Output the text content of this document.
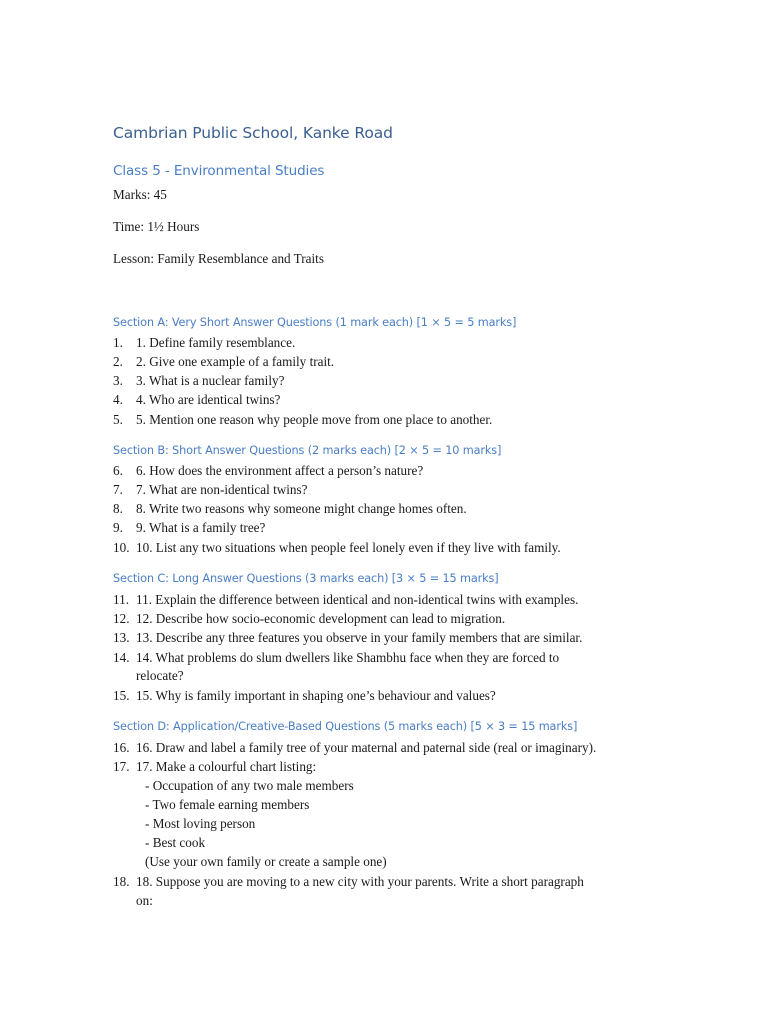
Cambrian Public School, Kanke Road
Class 5 - Environmental Studies

Marks: 45

Time: 1½ Hours

Lesson: Family Resemblance and Traits

Section A: Very Short Answer Questions (1 mark each) [1 × 5 = 5 marks]
1. 1. Define family resemblance.
2. 2. Give one example of a family trait.
3. 3. What is a nuclear family?
4. 4. Who are identical twins?
5. 5. Mention one reason why people move from one place to another.
Section B: Short Answer Questions (2 marks each) [2 × 5 = 10 marks]
6. 6. How does the environment affect a person’s nature?
7. 7. What are non-identical twins?
8. 8. Write two reasons why someone might change homes often.
9. 9. What is a family tree?
10. 10. List any two situations when people feel lonely even if they live with family.
Section C: Long Answer Questions (3 marks each) [3 × 5 = 15 marks]
11. 11. Explain the difference between identical and non-identical twins with examples.
12. 12. Describe how socio-economic development can lead to migration.
13. 13. Describe any three features you observe in your family members that are similar.
14. 14. What problems do slum dwellers like Shambhu face when they are forced to
relocate?
15. 15. Why is family important in shaping one’s behaviour and values?
Section D: Application/Creative-Based Questions (5 marks each) [5 × 3 = 15 marks]
16. 16. Draw and label a family tree of your maternal and paternal side (real or imaginary).
17. 17. Make a colourful chart listing:
- Occupation of any two male members
- Two female earning members
- Most loving person
- Best cook
(Use your own family or create a sample one)
18. 18. Suppose you are moving to a new city with your parents. Write a short paragraph
on:
